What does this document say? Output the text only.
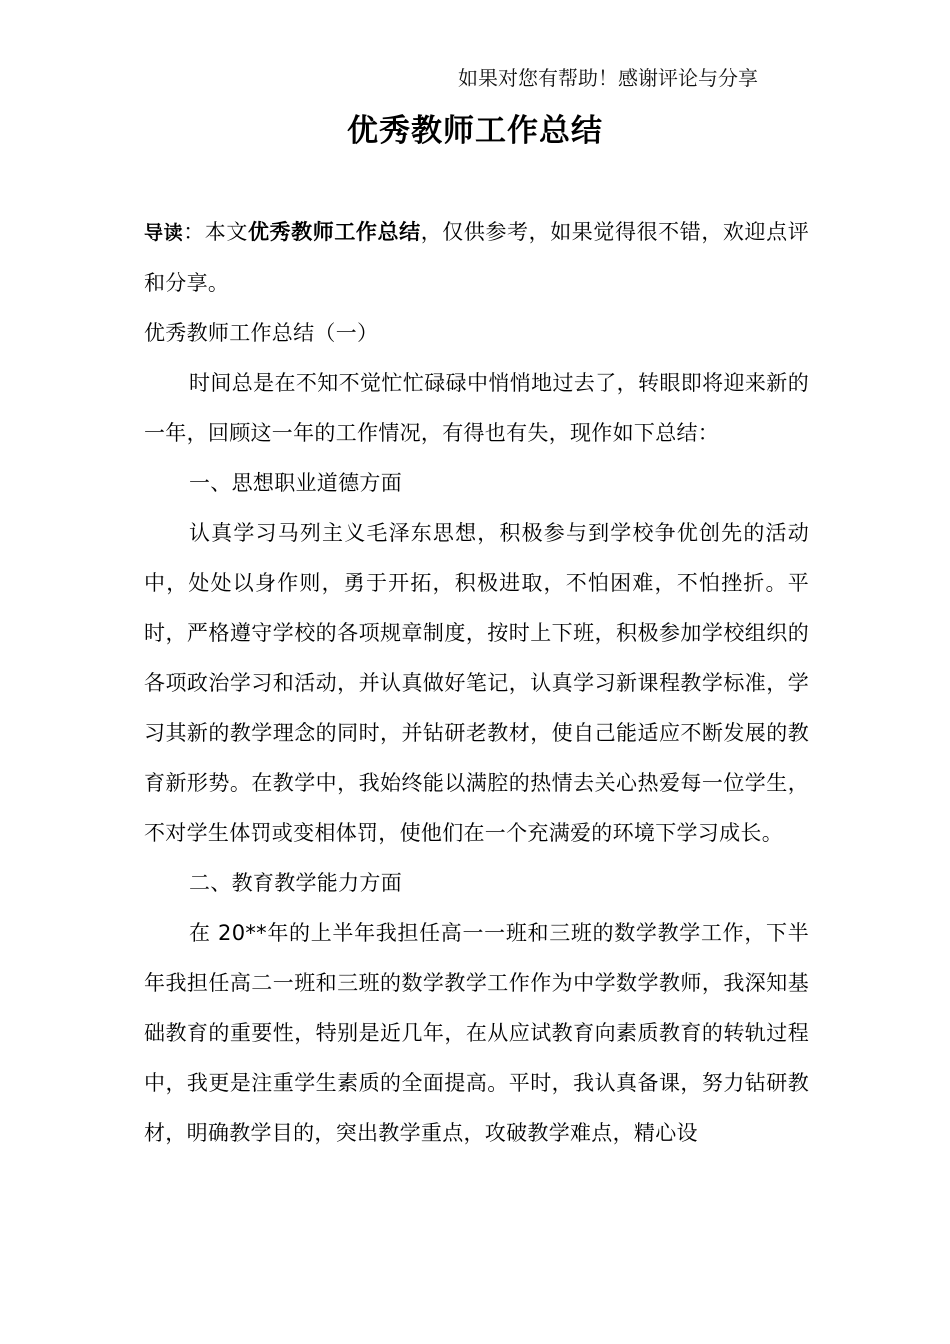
如果对您有帮助！感谢评论与分享
优秀教师工作总结

导读：本文优秀教师工作总结，仅供参考，如果觉得很不错，欢迎点评和分享。

优秀教师工作总结（一）

时间总是在不知不觉忙忙碌碌中悄悄地过去了，转眼即将迎来新的一年，回顾这一年的工作情况，有得也有失，现作如下总结：

一、思想职业道德方面

认真学习马列主义毛泽东思想，积极参与到学校争优创先的活动中，处处以身作则，勇于开拓，积极进取，不怕困难，不怕挫折。平时，严格遵守学校的各项规章制度，按时上下班，积极参加学校组织的各项政治学习和活动，并认真做好笔记，认真学习新课程教学标准，学习其新的教学理念的同时，并钻研老教材，使自己能适应不断发展的教育新形势。在教学中，我始终能以满腔的热情去关心热爱每一位学生，不对学生体罚或变相体罚，使他们在一个充满爱的环境下学习成长。

二、教育教学能力方面

在 20**年的上半年我担任高一一班和三班的数学教学工作，下半年我担任高二一班和三班的数学教学工作作为中学数学教师，我深知基础教育的重要性，特别是近几年，在从应试教育向素质教育的转轨过程中，我更是注重学生素质的全面提高。平时，我认真备课，努力钻研教材，明确教学目的，突出教学重点，攻破教学难点，精心设
